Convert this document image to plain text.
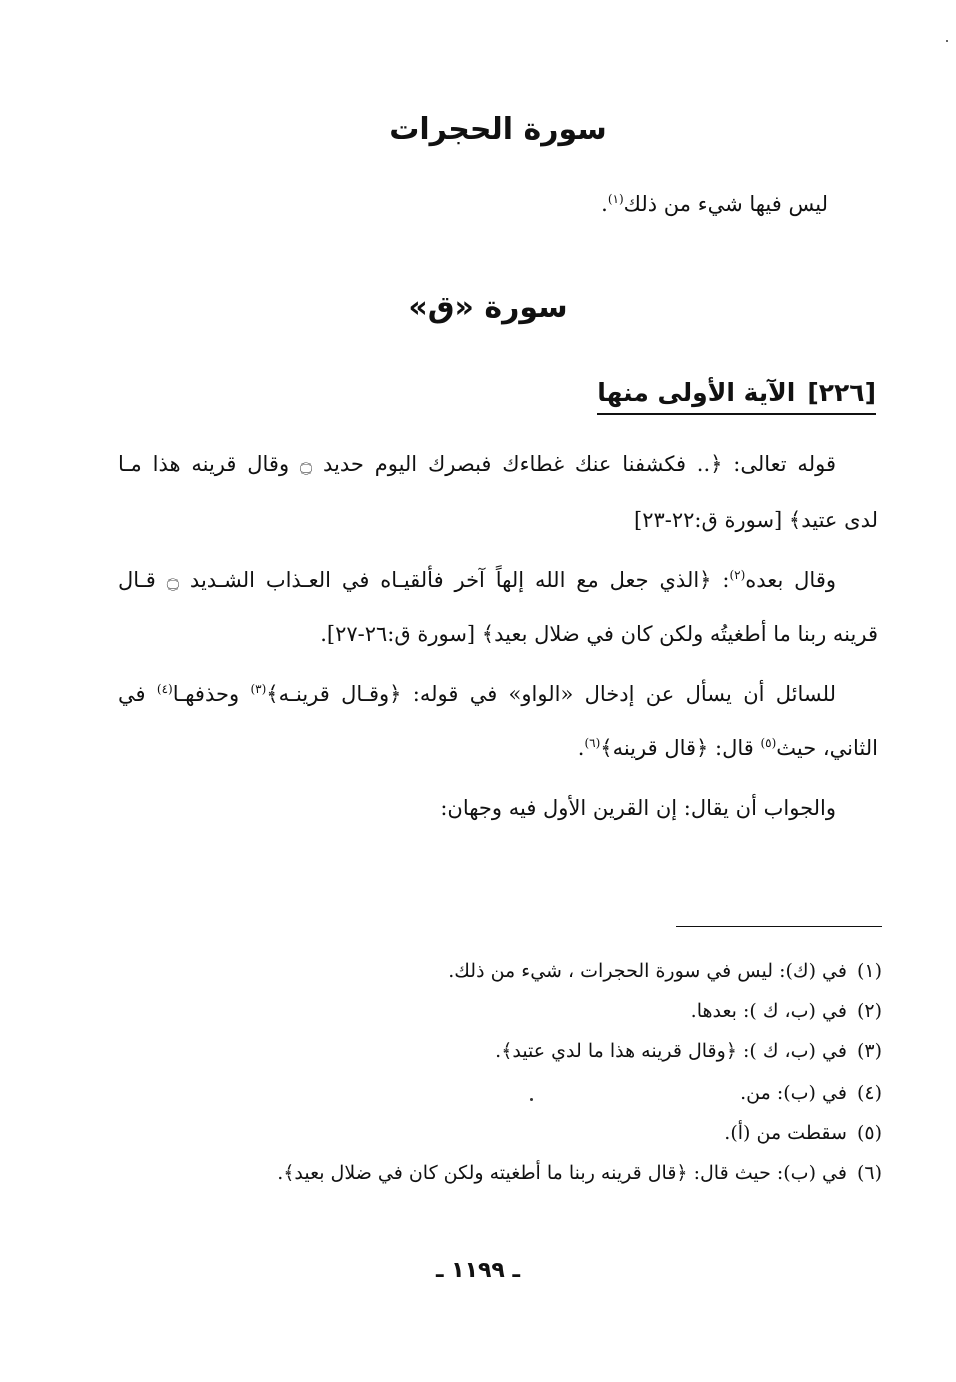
سورة الحجرات
ليس فيها شيء من ذلك$^{(١)}$.
سورة «ق»
[٢٢٦]الآية الأولى منها
قوله تعالى: ﴿.. فكشفنا عنك غطاءك فبصرك اليوم حديد ۝ وقال قرينه هذا مـا
لدى عتيد﴾ [سورة ق:٢٢-٢٣]
وقال بعده$^{(٢)}$: ﴿الذي جعل مع الله إلهاً آخر فألقيـاه في العـذاب الشـديد ۝ قـال
قرينه ربنا ما أطغيتُه ولكن كان في ضلال بعيد﴾ [سورة ق:٢٦-٢٧].
للسائل أن يسأل عن إدخال «الواو» في قوله: ﴿وقـال قرينـه﴾$^{(٣)}$ وحذفهـا$^{(٤)}$ في
الثاني، حيث$^{(٥)}$ قال: ﴿قال قرينه﴾$^{(٦)}$.
والجواب أن يقال: إن القرين الأول فيه وجهان:
(١)في (ك): ليس في سورة الحجرات ، شيء من ذلك.
(٢)في (ب، ك ): بعدها.
(٣)في (ب، ك ): ﴿وقال قرينه هذا ما لدي عتيد﴾.
(٤)في (ب): من.
(٥)سقطت من (أ).
(٦)في (ب): حيث قال: ﴿قال قرينه ربنا ما أطغيته ولكن كان في ضلال بعيد﴾.
ـ ١١٩٩ ـ
